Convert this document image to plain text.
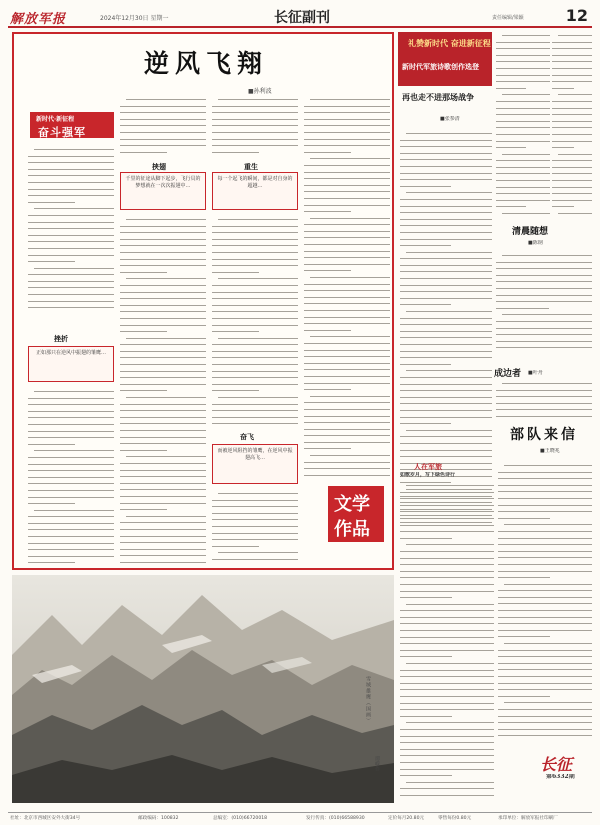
解放军报	2024年12月30日 星期一	长征副刊	责任编辑/梁颖	12
逆风飞翔
■孙利波
新时代·新征程
奋斗强军
挫折
正如那只在逆风中振翅的雏鹰…
挟翅
千里的征途从脚下起步，飞行员的梦想就在一次次振翅中…
重生
每一个起飞的瞬间，都是对自身的超越…
奋飞
而被逆风阻挡的雏鹰，在逆风中振翅高飞…
文学
作品
雪域雄鹰（国画）
谭嵘作
礼赞新时代 奋进新征程
新时代军旅诗歌创作选登
再也走不进那场战争
■张参清
清晨随想
■陈钢
成边者 ■叶舟
部队来信
■王晓兆
人在军旅
如歌岁月，写下绿色诗行
长征
第6332期
社址：北京市西城区安外大街34号	邮政编码：100832	总编室：(010)66720018	发行传真：(010)66588930	定价每月20.80元	零售每份0.80元	承印单位：解放军报社印刷厂
